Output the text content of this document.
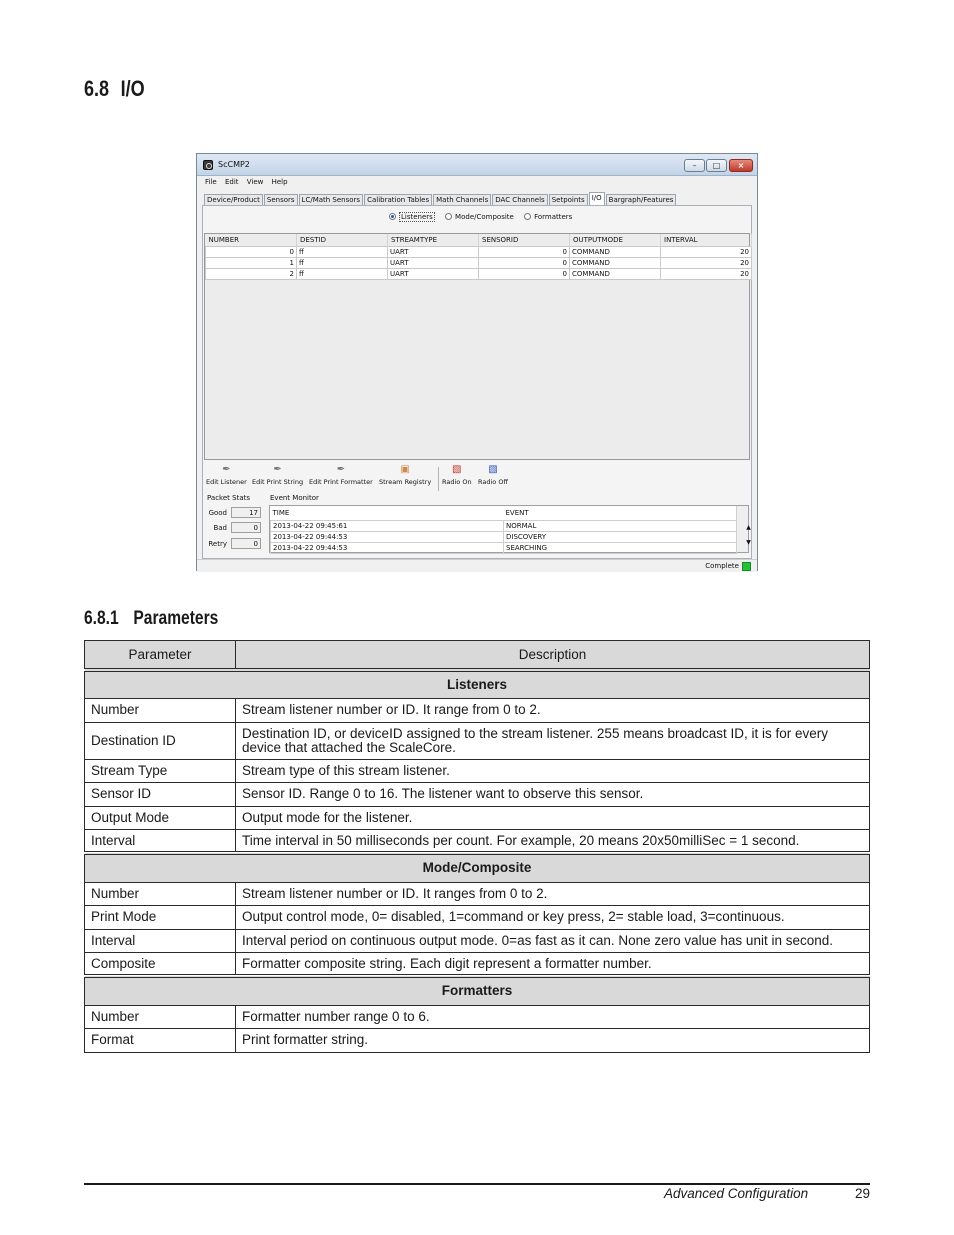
6.8 I/O
ScCMP2	–	□	×
File Edit View Help
Device/Product Sensors LC/Math Sensors Calibration Tables Math Channels DAC Channels Setpoints I/O Bargraph/Features
Listeners	Mode/Composite	Formatters
NUMBER	DESTID	STREAMTYPE	SENSORID	OUTPUTMODE	INTERVAL
0	ff	UART	0	COMMAND	20
1	ff	UART	0	COMMAND	20
2	ff	UART	0	COMMAND	20
✒
Edit Listener
✒
Edit Print String
✒
Edit Print Formatter
▣
Stream Registry
▧
Radio On
▧
Radio Off
Packet Stats	Event Monitor
Good	17
Bad	0
Retry	0
TIME	EVENT
2013-04-22 09:45:61	NORMAL
2013-04-22 09:44:53	DISCOVERY
2013-04-22 09:44:53	SEARCHING
▲
▼
Complete
6.8.1 Parameters
Parameter	Description
Listeners	
Number	Stream listener number or ID. It range from 0 to 2.
Destination ID	Destination ID, or deviceID assigned to the stream listener. 255 means broadcast ID, it is for every device that attached the ScaleCore.
Stream Type	Stream type of this stream listener.
Sensor ID	Sensor ID. Range 0 to 16. The listener want to observe this sensor.
Output Mode	Output mode for the listener.
Interval	Time interval in 50 milliseconds per count. For example, 20 means 20x50milliSec = 1 second.
Mode/Composite	
Number	Stream listener number or ID. It ranges from 0 to 2.
Print Mode	Output control mode, 0= disabled, 1=command or key press, 2= stable load, 3=continuous.
Interval	Interval period on continuous output mode. 0=as fast as it can. None zero value has unit in second.
Composite	Formatter composite string. Each digit represent a formatter number.
Formatters	
Number	Formatter number range 0 to 6.
Format	Print formatter string.
Advanced Configuration	29
